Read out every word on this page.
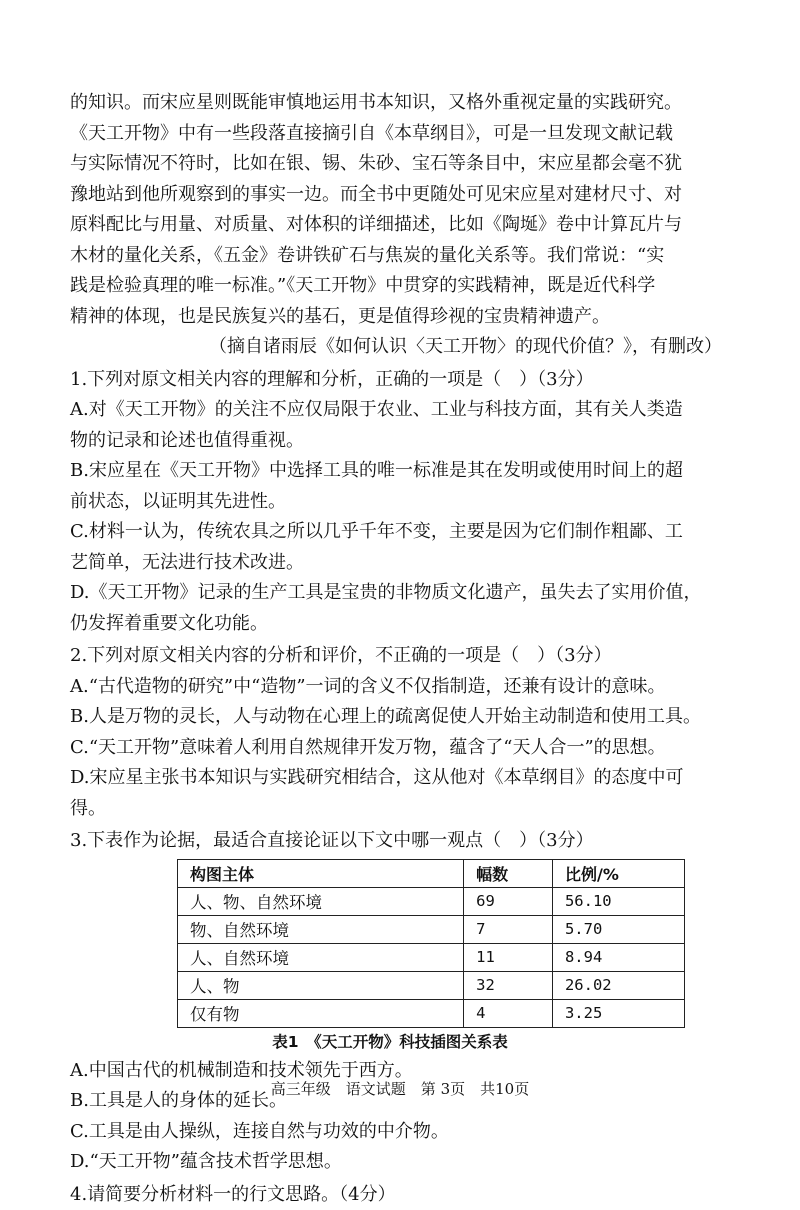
的知识。而宋应星则既能审慎地运用书本知识，又格外重视定量的实践研究。
《天工开物》中有一些段落直接摘引自《本草纲目》，可是一旦发现文献记载
与实际情况不符时，比如在银、锡、朱砂、宝石等条目中，宋应星都会毫不犹
豫地站到他所观察到的事实一边。而全书中更随处可见宋应星对建材尺寸、对
原料配比与用量、对质量、对体积的详细描述，比如《陶埏》卷中计算瓦片与
木材的量化关系，《五金》卷讲铁矿石与焦炭的量化关系等。我们常说：“实
践是检验真理的唯一标准。”《天工开物》中贯穿的实践精神，既是近代科学
精神的体现，也是民族复兴的基石，更是值得珍视的宝贵精神遗产。
（摘自诸雨辰《如何认识〈天工开物〉的现代价值？》，有删改）
1.下列对原文相关内容的理解和分析，正确的一项是（　）（3分）
A.对《天工开物》的关注不应仅局限于农业、工业与科技方面，其有关人类造
物的记录和论述也值得重视。
B.宋应星在《天工开物》中选择工具的唯一标准是其在发明或使用时间上的超
前状态，以证明其先进性。
C.材料一认为，传统农具之所以几乎千年不变，主要是因为它们制作粗鄙、工
艺简单，无法进行技术改进。
D.《天工开物》记录的生产工具是宝贵的非物质文化遗产，虽失去了实用价值，
仍发挥着重要文化功能。
2.下列对原文相关内容的分析和评价，不正确的一项是（　）（3分）
A.“古代造物的研究”中“造物”一词的含义不仅指制造，还兼有设计的意味。
B.人是万物的灵长，人与动物在心理上的疏离促使人开始主动制造和使用工具。
C.“天工开物”意味着人利用自然规律开发万物，蕴含了“天人合一”的思想。
D.宋应星主张书本知识与实践研究相结合，这从他对《本草纲目》的态度中可
得。
3.下表作为论据，最适合直接论证以下文中哪一观点（　）（3分）
构图主体	幅数	比例/%
人、物、自然环境	69	56.10
物、自然环境	7	5.70
人、自然环境	11	8.94
人、物	32	26.02
仅有物	4	3.25
表1　《天工开物》科技插图关系表
A.中国古代的机械制造和技术领先于西方。
B.工具是人的身体的延长。
C.工具是由人操纵，连接自然与功效的中介物。
D.“天工开物”蕴含技术哲学思想。
4.请简要分析材料一的行文思路。（4分）
高三年级　语文试题　第 3页　共10页
